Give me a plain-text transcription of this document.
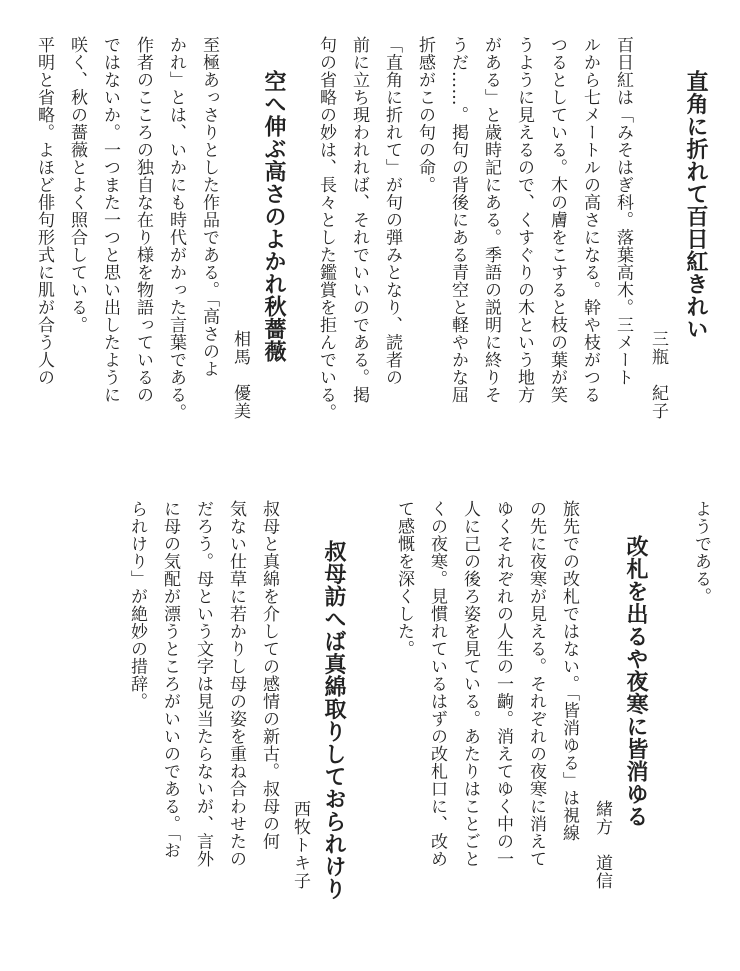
直角に折れて百日紅きれい
三瓶　紀子
百日紅は「みそはぎ科。落葉高木。三メート
ルから七メートルの高さになる。幹や枝がつる
つるとしている。木の膚をこすると枝の葉が笑
うように見えるので、くすぐりの木という地方
がある」と歳時記にある。季語の説明に終りそ
うだ……。掲句の背後にある青空と軽やかな屈
折感がこの句の命。
「直角に折れて」が句の弾みとなり、読者の
前に立ち現われれば、それでいいのである。掲
句の省略の妙は、長々とした鑑賞を拒んでいる。
空へ伸ぶ高さのよかれ秋薔薇
相馬　優美
至極あっさりとした作品である。「高さのよ
かれ」とは、いかにも時代がかった言葉である。
作者のこころの独自な在り様を物語っているの
ではないか。一つまた一つと思い出したように
咲く、秋の薔薇とよく照合している。
平明と省略。よほど俳句形式に肌が合う人の
ようである。
改札を出るや夜寒に皆消ゆる
緒方　道信
旅先での改札ではない。「皆消ゆる」は視線
の先に夜寒が見える。それぞれの夜寒に消えて
ゆくそれぞれの人生の一齣。消えてゆく中の一
人に己の後ろ姿を見ている。あたりはことごと
くの夜寒。見慣れているはずの改札口に、改め
て感慨を深くした。
叔母訪へば真綿取りしておられけり
西牧トキ子
叔母と真綿を介しての感情の新古。叔母の何
気ない仕草に若かりし母の姿を重ね合わせたの
だろう。母という文字は見当たらないが、言外
に母の気配が漂うところがいいのである。「お
られけり」が絶妙の措辞。
